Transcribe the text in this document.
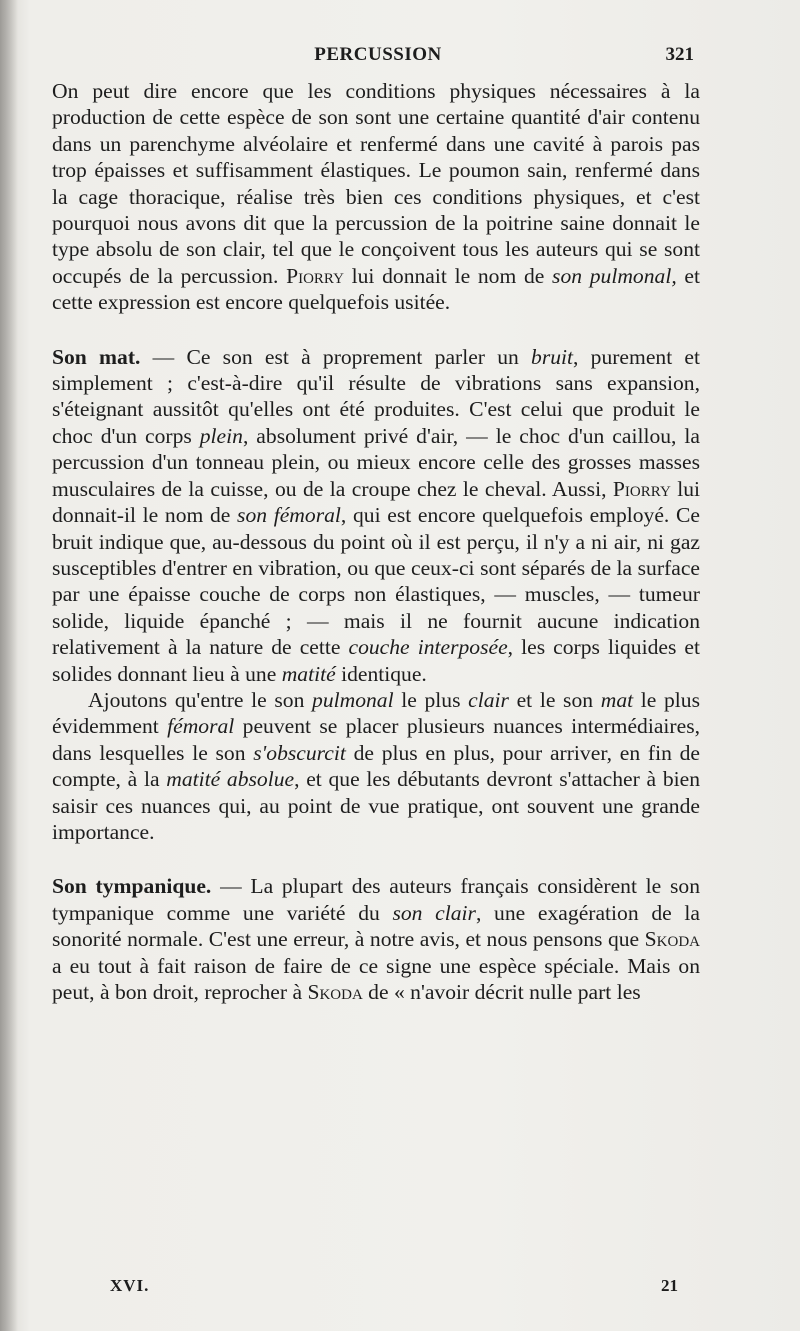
PERCUSSION	321

On peut dire encore que les conditions physiques nécessaires à la production de cette espèce de son sont une certaine quantité d'air contenu dans un parenchyme alvéolaire et renfermé dans une cavité à parois pas trop épaisses et suffisamment élastiques. Le poumon sain, renfermé dans la cage thoracique, réalise très bien ces conditions physiques, et c'est pourquoi nous avons dit que la percussion de la poitrine saine donnait le type absolu de son clair, tel que le conçoivent tous les auteurs qui se sont occupés de la percussion. Piorry lui donnait le nom de son pulmonal, et cette expression est encore quelquefois usitée.

Son mat. — Ce son est à proprement parler un bruit, purement et simplement ; c'est-à-dire qu'il résulte de vibrations sans expansion, s'éteignant aussitôt qu'elles ont été produites. C'est celui que produit le choc d'un corps plein, absolument privé d'air, — le choc d'un caillou, la percussion d'un tonneau plein, ou mieux encore celle des grosses masses musculaires de la cuisse, ou de la croupe chez le cheval. Aussi, Piorry lui donnait-il le nom de son fémoral, qui est encore quelquefois employé. Ce bruit indique que, au-dessous du point où il est perçu, il n'y a ni air, ni gaz susceptibles d'entrer en vibration, ou que ceux-ci sont séparés de la surface par une épaisse couche de corps non élastiques, — muscles, — tumeur solide, liquide épanché ; — mais il ne fournit aucune indication relativement à la nature de cette couche interposée, les corps liquides et solides donnant lieu à une matité identique.

Ajoutons qu'entre le son pulmonal le plus clair et le son mat le plus évidemment fémoral peuvent se placer plusieurs nuances intermédiaires, dans lesquelles le son s'obscurcit de plus en plus, pour arriver, en fin de compte, à la matité absolue, et que les débutants devront s'attacher à bien saisir ces nuances qui, au point de vue pratique, ont souvent une grande importance.

Son tympanique. — La plupart des auteurs français considèrent le son tympanique comme une variété du son clair, une exagération de la sonorité normale. C'est une erreur, à notre avis, et nous pensons que Skoda a eu tout à fait raison de faire de ce signe une espèce spéciale. Mais on peut, à bon droit, reprocher à Skoda de « n'avoir décrit nulle part les

XVI.	21
